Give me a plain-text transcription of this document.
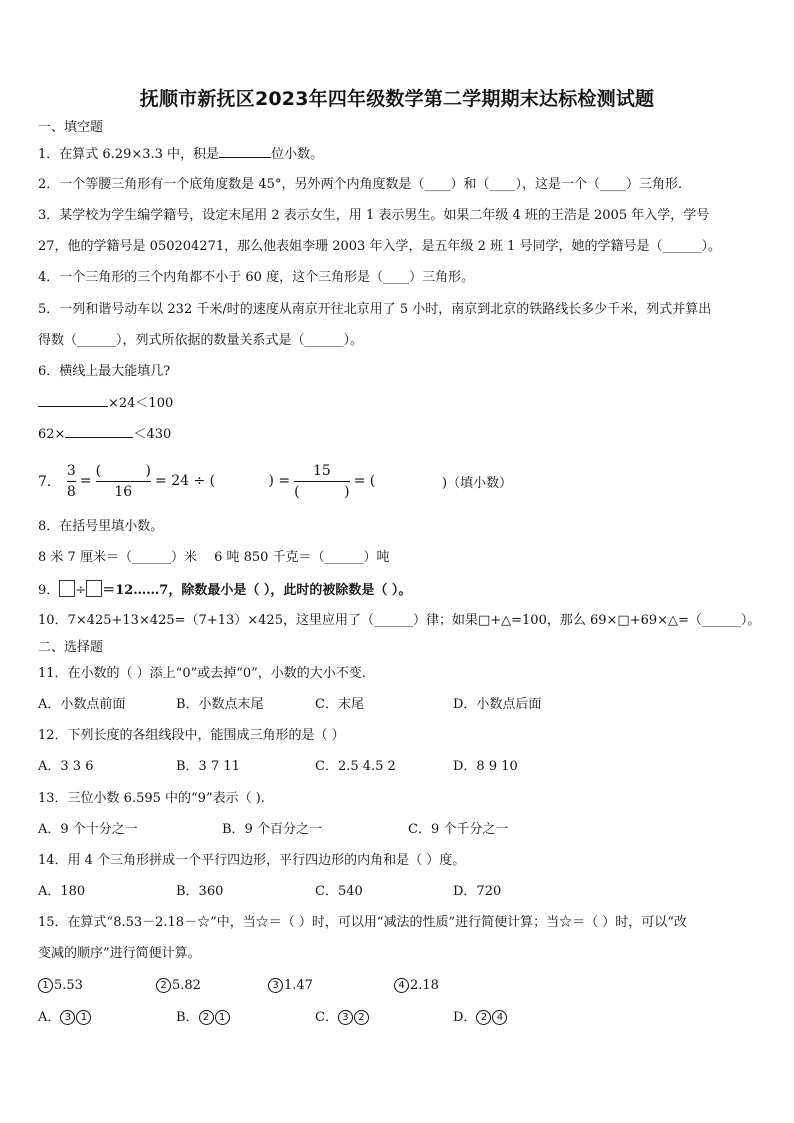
抚顺市新抚区2023年四年级数学第二学期期末达标检测试题
一、填空题
1．在算式 6.29×3.3 中，积是	位小数。
2．一个等腰三角形有一个底角度数是 45°，另外两个内角度数是（____）和（____），这是一个（____）三角形.
3．某学校为学生编学籍号，设定末尾用 2 表示女生，用 1 表示男生。如果二年级 4 班的王浩是 2005 年入学，学号
27，他的学籍号是 050204271，那么他表姐李珊 2003 年入学，是五年级 2 班 1 号同学，她的学籍号是（______）。
4．一个三角形的三个内角都不小于 60 度，这个三角形是（____）三角形。
5．一列和谐号动车以 232 千米/时的速度从南京开往北京用了 5 小时，南京到北京的铁路线长多少千米，列式并算出
得数（______），列式所依据的数量关系式是（______）。
6．横线上最大能填几?
×24＜100
62×	＜430
7． $\frac{3}{8} = \frac{( )}{16} = 24$ ÷ (
	) = $\frac{15}{( )}$ = (
	)（填小数）
8．在括号里填小数。
8 米 7 厘米＝（______）米　 6 吨 850 千克＝（______）吨
9． ÷ ＝12……7，除数最小是（ ），此时的被除数是（ ）。
10．7×425+13×425=（7+13）×425，这里应用了（______）律；如果□+△=100，那么 69×□+69×△=（______）。
二、选择题
11．在小数的（ ）添上“0”或去掉“0”，小数的大小不变.
A．小数点前面	B．小数点末尾	C．末尾	D．小数点后面
12．下列长度的各组线段中，能围成三角形的是（ ）
A．3 3 6	B．3 7 11	C．2.5 4.5 2	D．8 9 10
13．三位小数 6.595 中的“9”表示（ ).
A．9 个十分之一	B．9 个百分之一	C．9 个千分之一
14．用 4 个三角形拼成一个平行四边形，平行四边形的内角和是（ ）度。
A．180	B．360	C．540	D．720
15．在算式“8.53－2.18－☆”中，当☆＝（ ）时，可以用“减法的性质”进行简便计算；当☆＝（ ）时，可以“改
变减的顺序”进行简便计算。
1 5.53	2 5.82	3 1.47	4 2.18
A． 3 1	B． 2 1	C． 3 2	D． 2 4
